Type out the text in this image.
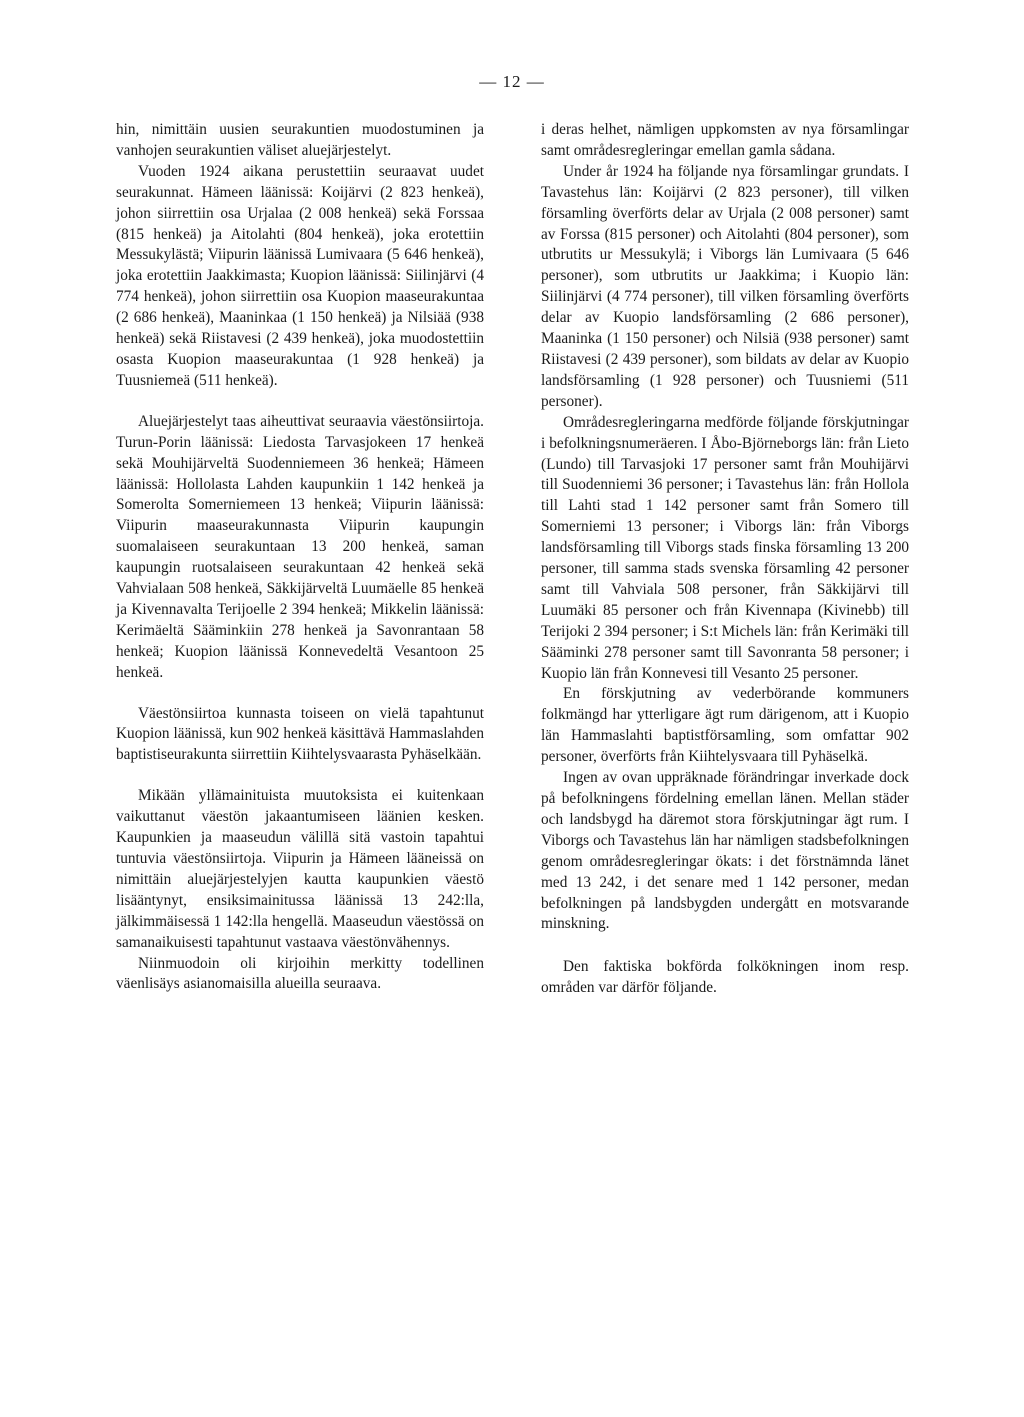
— 12 —

hin, nimittäin uusien seurakuntien muodostuminen ja vanhojen seurakuntien väliset aluejärjestelyt.

Vuoden 1924 aikana perustettiin seuraavat uudet seurakunnat. Hämeen läänissä: Koijärvi (2 823 henkeä), johon siirrettiin osa Urjalaa (2 008 henkeä) sekä Forssaa (815 henkeä) ja Aitolahti (804 henkeä), joka erotettiin Messukylästä; Viipurin läänissä Lumivaara (5 646 henkeä), joka erotettiin Jaakkimasta; Kuopion läänissä: Siilinjärvi (4 774 henkeä), johon siirrettiin osa Kuopion maaseurakuntaa (2 686 henkeä), Maaninkaa (1 150 henkeä) ja Nilsiää (938 henkeä) sekä Riistavesi (2 439 henkeä), joka muodostettiin osasta Kuopion maaseurakuntaa (1 928 henkeä) ja Tuusniemeä (511 henkeä).

Aluejärjestelyt taas aiheuttivat seuraavia väestönsiirtoja. Turun-Porin läänissä: Liedosta Tarvasjokeen 17 henkeä sekä Mouhijärveltä Suodenniemeen 36 henkeä; Hämeen läänissä: Hollolasta Lahden kaupunkiin 1 142 henkeä ja Somerolta Somerniemeen 13 henkeä; Viipurin läänissä: Viipurin maaseurakunnasta Viipurin kaupungin suomalaiseen seurakuntaan 13 200 henkeä, saman kaupungin ruotsalaiseen seurakuntaan 42 henkeä sekä Vahvialaan 508 henkeä, Säkkijärveltä Luumäelle 85 henkeä ja Kivennavalta Terijoelle 2 394 henkeä; Mikkelin läänissä: Kerimäeltä Sääminkiin 278 henkeä ja Savonrantaan 58 henkeä; Kuopion läänissä Konnevedeltä Vesantoon 25 henkeä.

Väestönsiirtoa kunnasta toiseen on vielä tapahtunut Kuopion läänissä, kun 902 henkeä käsittävä Hammaslahden baptistiseurakunta siirrettiin Kiihtelysvaarasta Pyhäselkään.

Mikään yllämainituista muutoksista ei kuitenkaan vaikuttanut väestön jakaantumiseen läänien kesken. Kaupunkien ja maaseudun välillä sitä vastoin tapahtui tuntuvia väestönsiirtoja. Viipurin ja Hämeen lääneissä on nimittäin aluejärjestelyjen kautta kaupunkien väestö lisääntynyt, ensiksimainitussa läänissä 13 242:lla, jälkimmäisessä 1 142:lla hengellä. Maaseudun väestössä on samanaikuisesti tapahtunut vastaava väestönvähennys.

Niinmuodoin oli kirjoihin merkitty todellinen väenlisäys asianomaisilla alueilla seuraava.

i deras helhet, nämligen uppkomsten av nya församlingar samt områdesregleringar emellan gamla sådana.

Under år 1924 ha följande nya församlingar grundats. I Tavastehus län: Koijärvi (2 823 personer), till vilken församling överförts delar av Urjala (2 008 personer) samt av Forssa (815 personer) och Aitolahti (804 personer), som utbrutits ur Messukylä; i Viborgs län Lumivaara (5 646 personer), som utbrutits ur Jaakkima; i Kuopio län: Siilinjärvi (4 774 personer), till vilken församling överförts delar av Kuopio landsförsamling (2 686 personer), Maaninka (1 150 personer) och Nilsiä (938 personer) samt Riistavesi (2 439 personer), som bildats av delar av Kuopio landsförsamling (1 928 personer) och Tuusniemi (511 personer).

Områdesregleringarna medförde följande förskjutningar i befolkningsnumeräeren. I Åbo-Björneborgs län: från Lieto (Lundo) till Tarvasjoki 17 personer samt från Mouhijärvi till Suodenniemi 36 personer; i Tavastehus län: från Hollola till Lahti stad 1 142 personer samt från Somero till Somerniemi 13 personer; i Viborgs län: från Viborgs landsförsamling till Viborgs stads finska församling 13 200 personer, till samma stads svenska församling 42 personer samt till Vahviala 508 personer, från Säkkijärvi till Luumäki 85 personer och från Kivennapa (Kivinebb) till Terijoki 2 394 personer; i S:t Michels län: från Kerimäki till Sääminki 278 personer samt till Savonranta 58 personer; i Kuopio län från Konnevesi till Vesanto 25 personer.

En förskjutning av vederbörande kommuners folkmängd har ytterligare ägt rum därigenom, att i Kuopio län Hammaslahti baptistförsamling, som omfattar 902 personer, överförts från Kiihtelysvaara till Pyhäselkä.

Ingen av ovan uppräknade förändringar inverkade dock på befolkningens fördelning emellan länen. Mellan städer och landsbygd ha däremot stora förskjutningar ägt rum. I Viborgs och Tavastehus län har nämligen stadsbefolkningen genom områdesregleringar ökats: i det förstnämnda länet med 13 242, i det senare med 1 142 personer, medan befolkningen på landsbygden undergått en motsvarande minskning.

Den faktiska bokförda folkökningen inom resp. områden var därför följande.
